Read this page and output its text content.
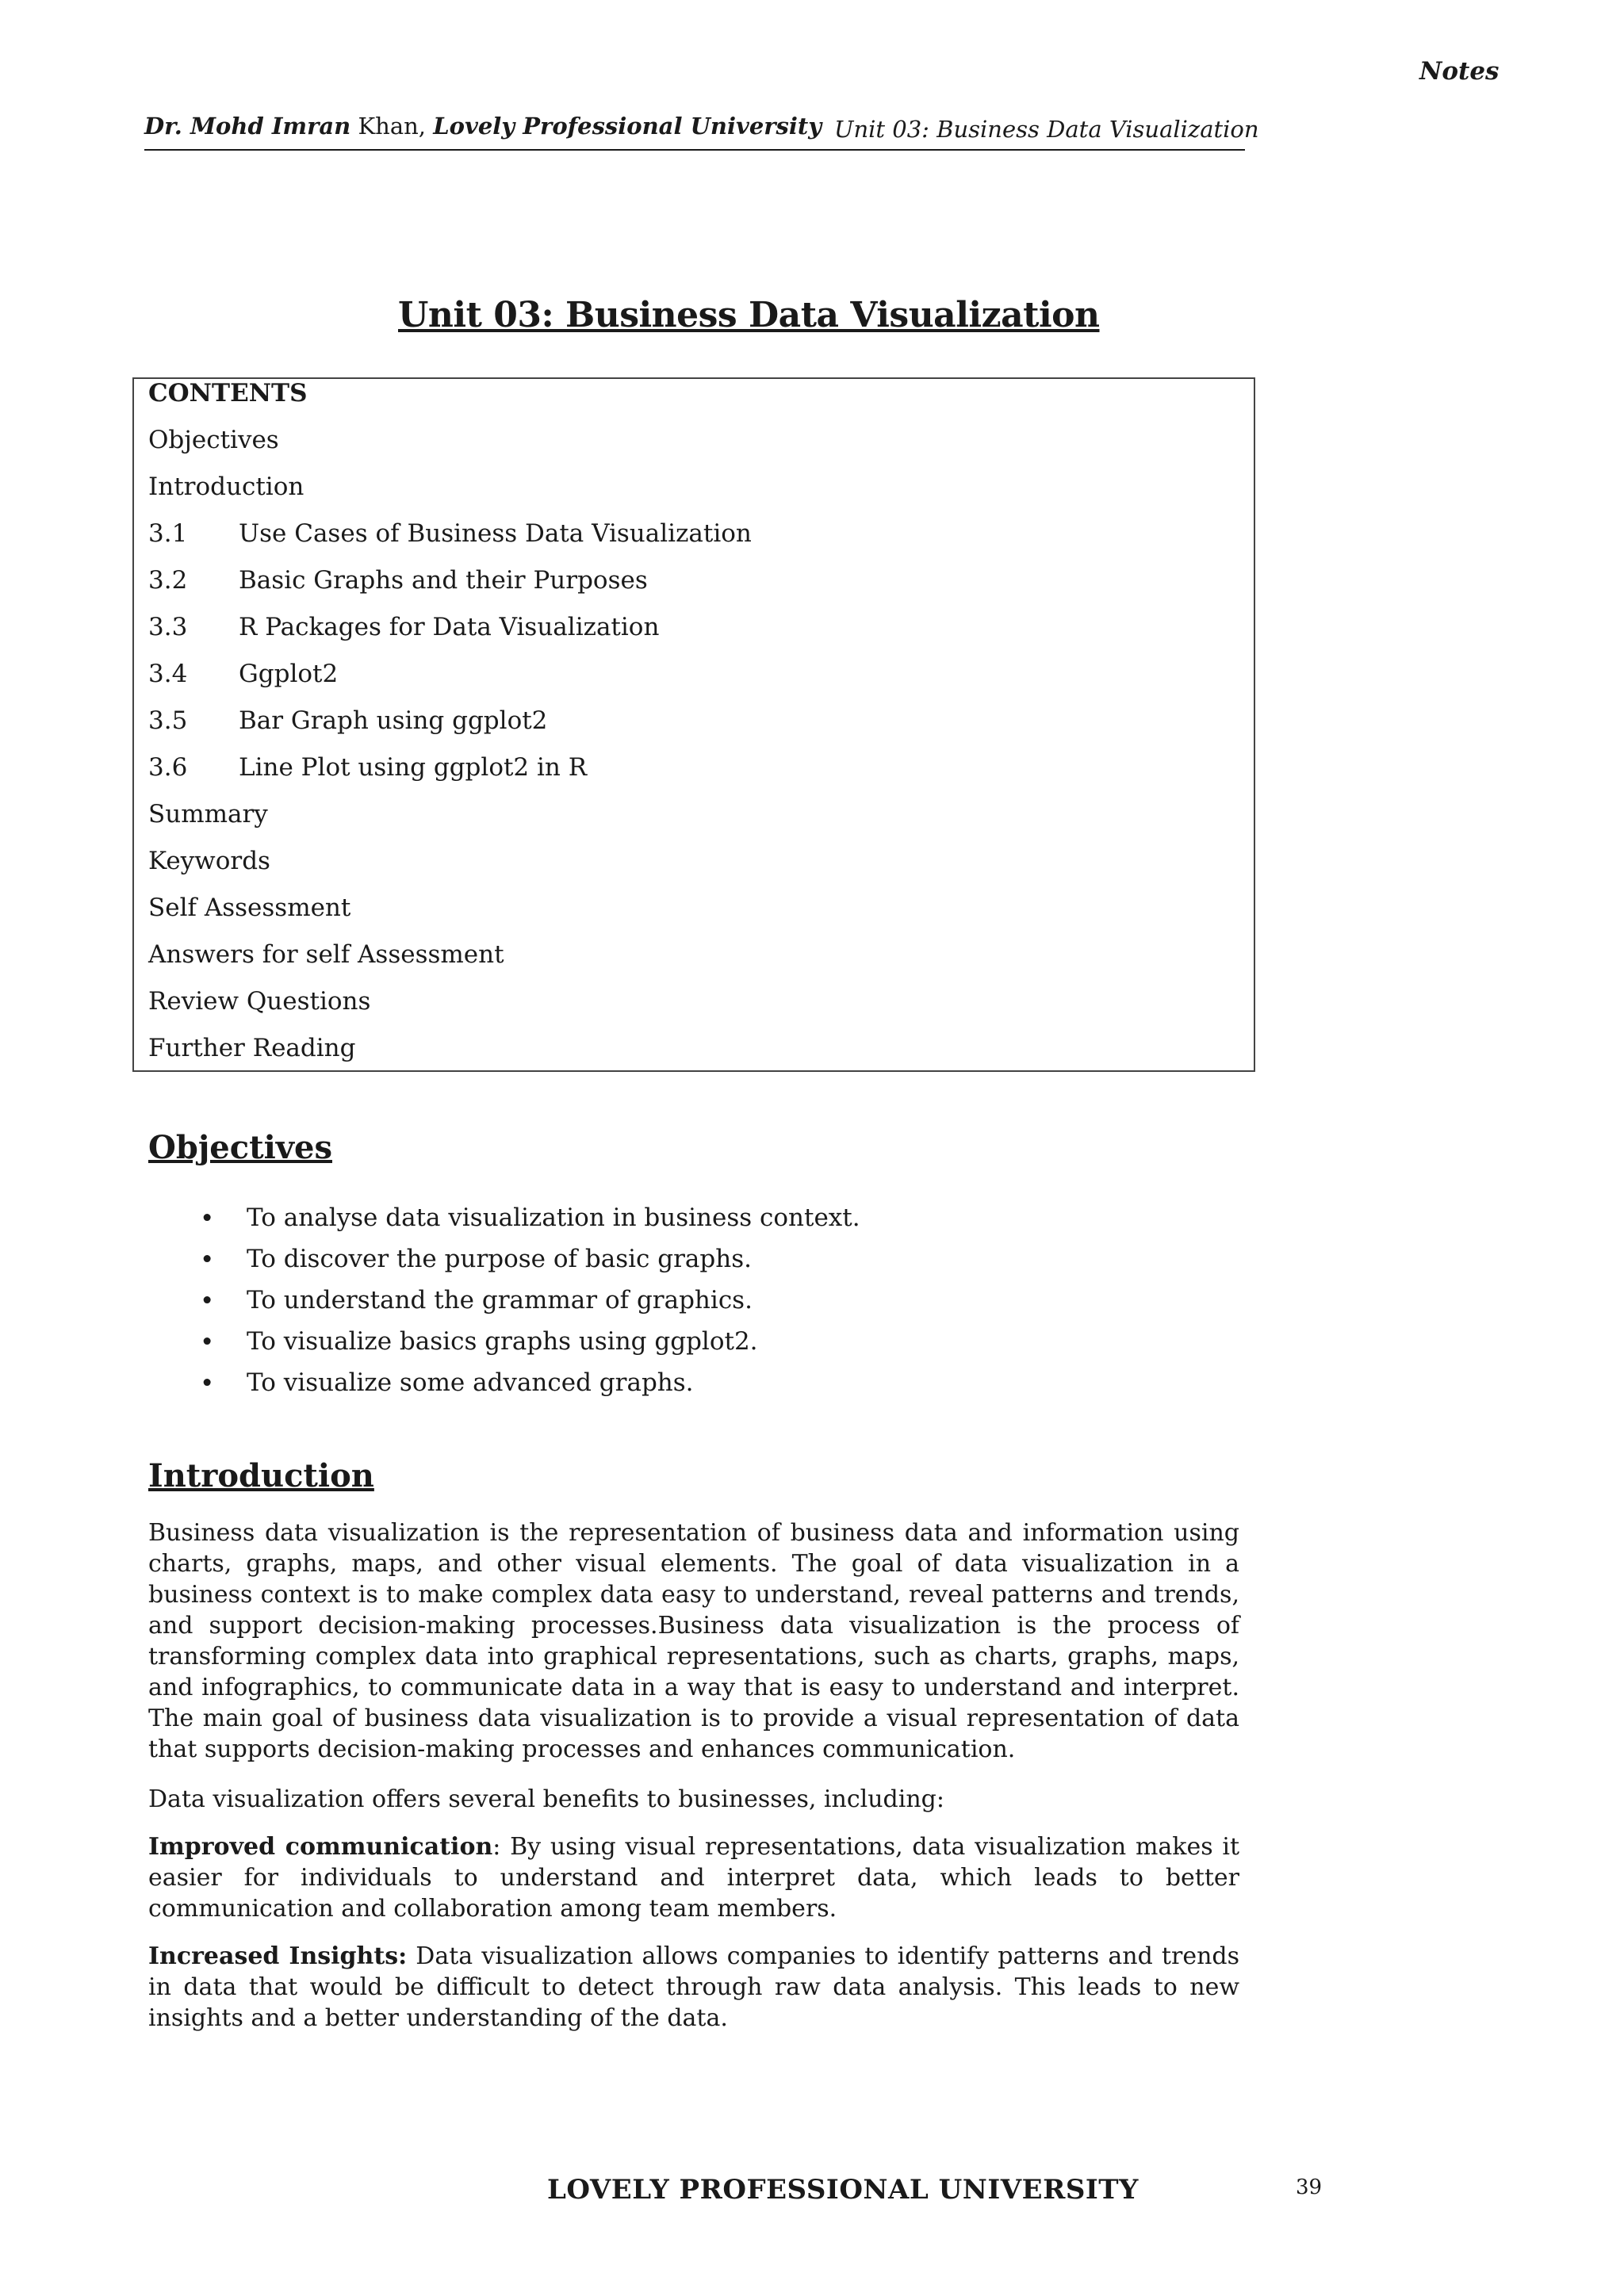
Notes
Dr. Mohd Imran Khan, Lovely Professional University Unit 03: Business Data Visualization
Unit 03: Business Data Visualization
CONTENTS
Objectives
Introduction
3.1 Use Cases of Business Data Visualization
3.2 Basic Graphs and their Purposes
3.3 R Packages for Data Visualization
3.4 Ggplot2
3.5 Bar Graph using ggplot2
3.6 Line Plot using ggplot2 in R
Summary
Keywords
Self Assessment
Answers for self Assessment
Review Questions
Further Reading
Objectives
• To analyse data visualization in business context.
• To discover the purpose of basic graphs.
• To understand the grammar of graphics.
• To visualize basics graphs using ggplot2.
• To visualize some advanced graphs.
Introduction

Business data visualization is the representation of business data and information using charts, graphs, maps, and other visual elements. The goal of data visualization in a business context is to make complex data easy to understand, reveal patterns and trends, and support decision-making processes.Business data visualization is the process of transforming complex data into graphical representations, such as charts, graphs, maps, and infographics, to communicate data in a way that is easy to understand and interpret. The main goal of business data visualization is to provide a visual representation of data that supports decision-making processes and enhances communication.

Data visualization offers several benefits to businesses, including:

Improved communication: By using visual representations, data visualization makes it easier for individuals to understand and interpret data, which leads to better communication and collaboration among team members.

Increased Insights: Data visualization allows companies to identify patterns and trends in data that would be difficult to detect through raw data analysis. This leads to new insights and a better understanding of the data.

LOVELY PROFESSIONAL UNIVERSITY	39
